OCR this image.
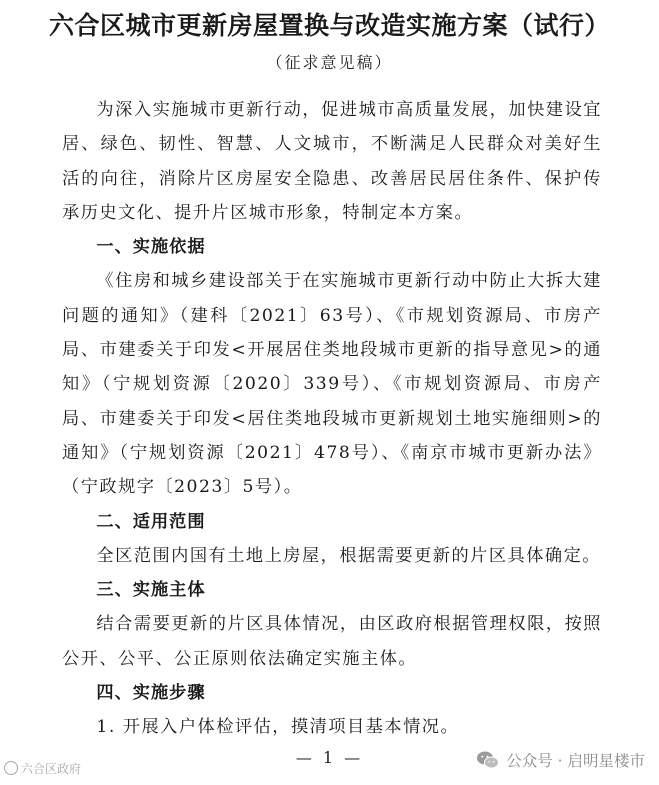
六合区城市更新房屋置换与改造实施方案（试行）
（征求意见稿）

为深入实施城市更新行动，促进城市高质量发展，加快建设宜居、绿色、韧性、智慧、人文城市，不断满足人民群众对美好生活的向往，消除片区房屋安全隐患、改善居民居住条件、保护传承历史文化、提升片区城市形象，特制定本方案。

一、实施依据

《住房和城乡建设部关于在实施城市更新行动中防止大拆大建问题的通知》（建科〔2021〕63号）、《市规划资源局、市房产局、市建委关于印发<开展居住类地段城市更新的指导意见>的通知》（宁规划资源〔2020〕339号）、《市规划资源局、市房产局、市建委关于印发<居住类地段城市更新规划土地实施细则>的通知》（宁规划资源〔2021〕478号）、《南京市城市更新办法》（宁政规字〔2023〕5号）。

二、适用范围

全区范围内国有土地上房屋，根据需要更新的片区具体确定。

三、实施主体

结合需要更新的片区具体情况，由区政府根据管理权限，按照公开、公平、公正原则依法确定实施主体。

四、实施步骤

1. 开展入户体检评估，摸清项目基本情况。

— 1 —
六合区政府	公众号 · 启明星楼市
